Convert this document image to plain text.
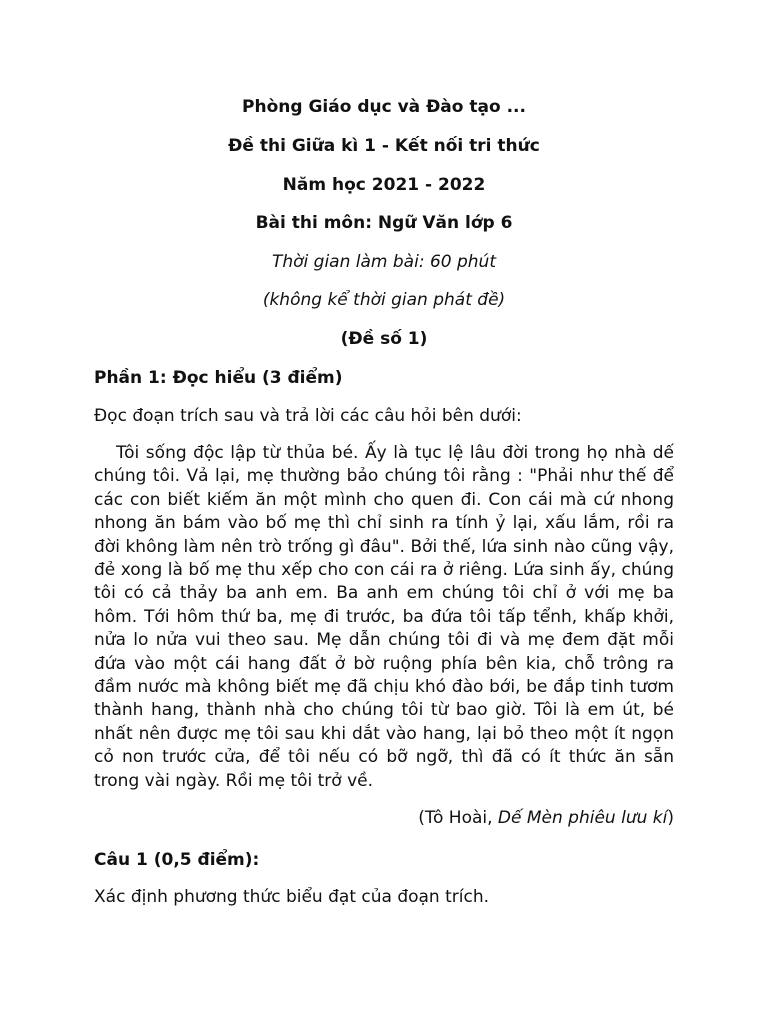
Phòng Giáo dục và Đào tạo ...

Đề thi Giữa kì 1 - Kết nối tri thức

Năm học 2021 - 2022

Bài thi môn: Ngữ Văn lớp 6

Thời gian làm bài: 60 phút

(không kể thời gian phát đề)

(Đề số 1)

Phần 1: Đọc hiểu (3 điểm)

Đọc đoạn trích sau và trả lời các câu hỏi bên dưới:

Tôi sống độc lập từ thủa bé. Ấy là tục lệ lâu đời trong họ nhà dế chúng tôi. Vả lại, mẹ thường bảo chúng tôi rằng : "Phải như thế để các con biết kiếm ăn một mình cho quen đi. Con cái mà cứ nhong nhong ăn bám vào bố mẹ thì chỉ sinh ra tính ỷ lại, xấu lắm, rồi ra đời không làm nên trò trống gì đâu". Bởi thế, lứa sinh nào cũng vậy, đẻ xong là bố mẹ thu xếp cho con cái ra ở riêng. Lứa sinh ấy, chúng tôi có cả thảy ba anh em. Ba anh em chúng tôi chỉ ở với mẹ ba hôm. Tới hôm thứ ba, mẹ đi trước, ba đứa tôi tấp tểnh, khấp khởi, nửa lo nửa vui theo sau. Mẹ dẫn chúng tôi đi và mẹ đem đặt mỗi đứa vào một cái hang đất ở bờ ruộng phía bên kia, chỗ trông ra đầm nước mà không biết mẹ đã chịu khó đào bới, be đắp tinh tươm thành hang, thành nhà cho chúng tôi từ bao giờ. Tôi là em út, bé nhất nên được mẹ tôi sau khi dắt vào hang, lại bỏ theo một ít ngọn cỏ non trước cửa, để tôi nếu có bỡ ngỡ, thì đã có ít thức ăn sẵn trong vài ngày. Rồi mẹ tôi trở về.

(Tô Hoài, Dế Mèn phiêu lưu kí)

Câu 1 (0,5 điểm):

Xác định phương thức biểu đạt của đoạn trích.
